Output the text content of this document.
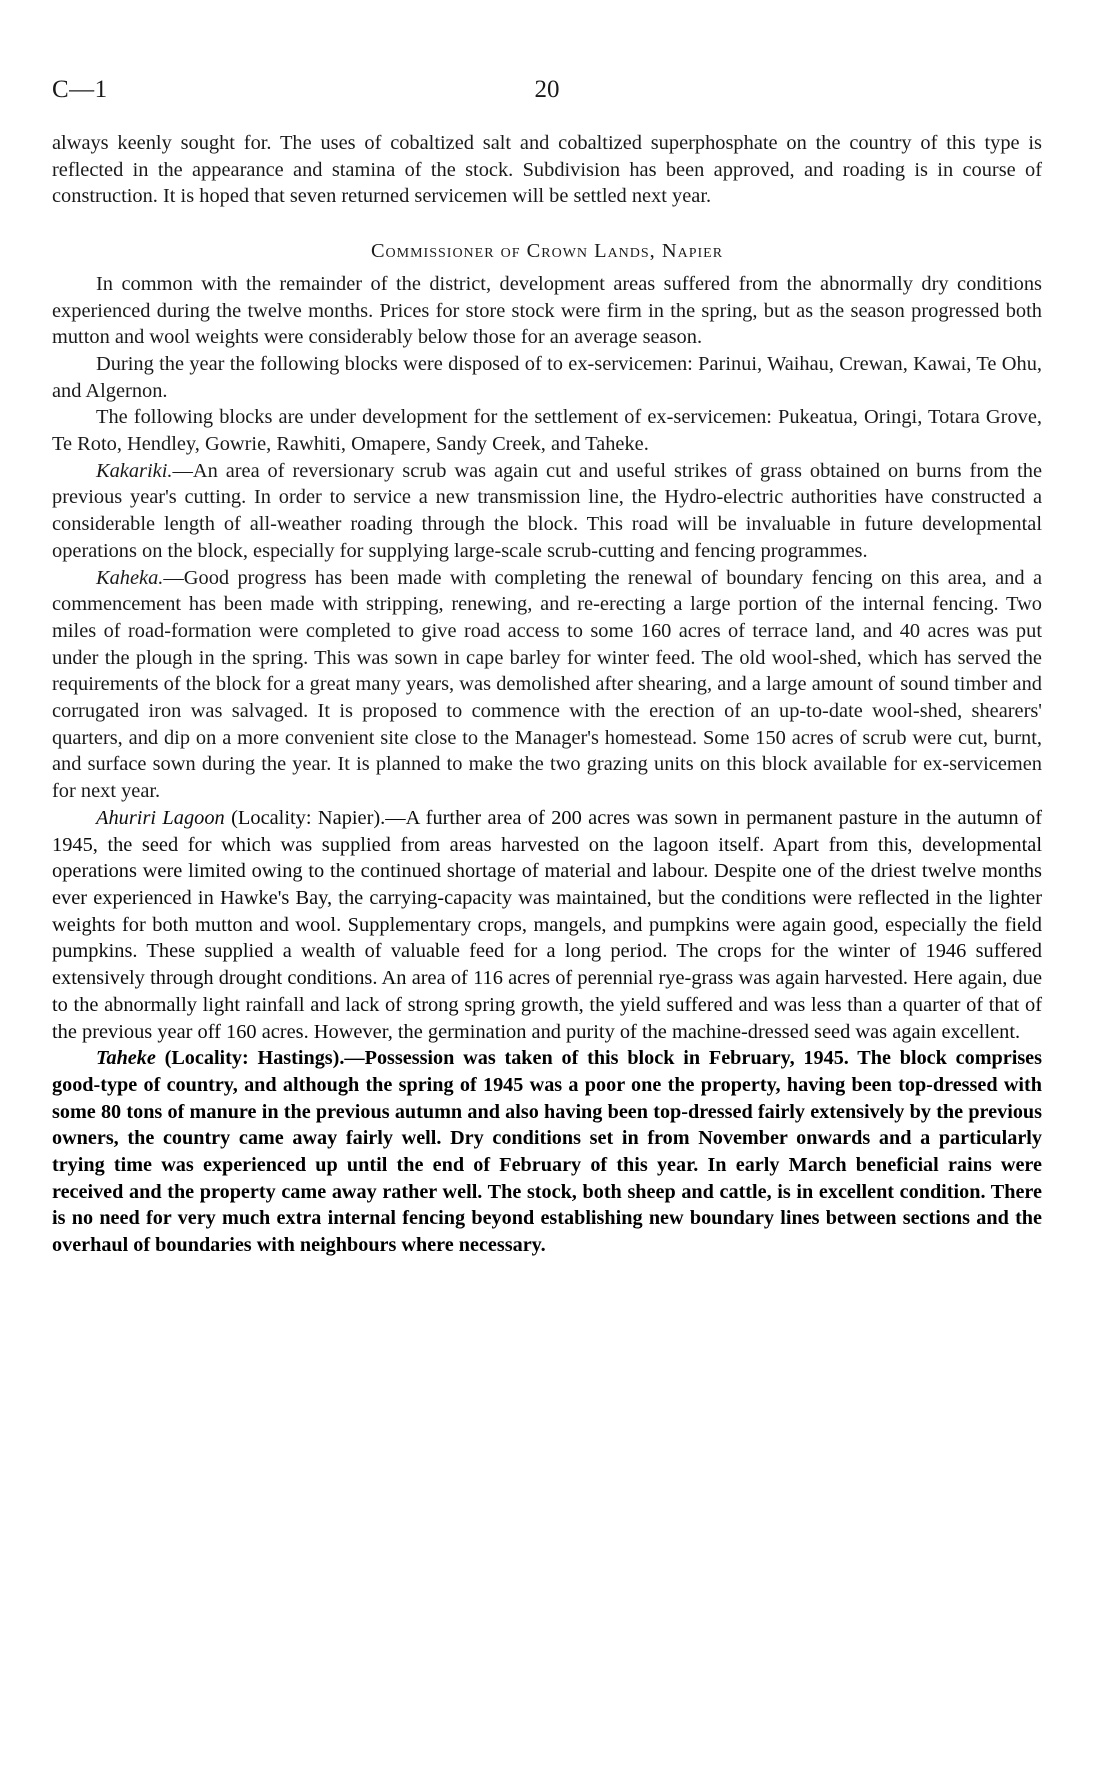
C—1	20

always keenly sought for. The uses of cobaltized salt and cobaltized superphosphate on the country of this type is reflected in the appearance and stamina of the stock. Subdivision has been approved, and roading is in course of construction. It is hoped that seven returned servicemen will be settled next year.

Commissioner of Crown Lands, Napier

In common with the remainder of the district, development areas suffered from the abnormally dry conditions experienced during the twelve months. Prices for store stock were firm in the spring, but as the season progressed both mutton and wool weights were considerably below those for an average season.

During the year the following blocks were disposed of to ex-servicemen: Parinui, Waihau, Crewan, Kawai, Te Ohu, and Algernon.

The following blocks are under development for the settlement of ex-servicemen: Pukeatua, Oringi, Totara Grove, Te Roto, Hendley, Gowrie, Rawhiti, Omapere, Sandy Creek, and Taheke.

Kakariki.—An area of reversionary scrub was again cut and useful strikes of grass obtained on burns from the previous year's cutting. In order to service a new transmission line, the Hydro-electric authorities have constructed a considerable length of all-weather roading through the block. This road will be invaluable in future developmental operations on the block, especially for supplying large-scale scrub-cutting and fencing programmes.

Kaheka.—Good progress has been made with completing the renewal of boundary fencing on this area, and a commencement has been made with stripping, renewing, and re-erecting a large portion of the internal fencing. Two miles of road-formation were completed to give road access to some 160 acres of terrace land, and 40 acres was put under the plough in the spring. This was sown in cape barley for winter feed. The old wool-shed, which has served the requirements of the block for a great many years, was demolished after shearing, and a large amount of sound timber and corrugated iron was salvaged. It is proposed to commence with the erection of an up-to-date wool-shed, shearers' quarters, and dip on a more convenient site close to the Manager's homestead. Some 150 acres of scrub were cut, burnt, and surface sown during the year. It is planned to make the two grazing units on this block available for ex-servicemen for next year.

Ahuriri Lagoon (Locality: Napier).—A further area of 200 acres was sown in permanent pasture in the autumn of 1945, the seed for which was supplied from areas harvested on the lagoon itself. Apart from this, developmental operations were limited owing to the continued shortage of material and labour. Despite one of the driest twelve months ever experienced in Hawke's Bay, the carrying-capacity was maintained, but the conditions were reflected in the lighter weights for both mutton and wool. Supplementary crops, mangels, and pumpkins were again good, especially the field pumpkins. These supplied a wealth of valuable feed for a long period. The crops for the winter of 1946 suffered extensively through drought conditions. An area of 116 acres of perennial rye-grass was again harvested. Here again, due to the abnormally light rainfall and lack of strong spring growth, the yield suffered and was less than a quarter of that of the previous year off 160 acres. However, the germination and purity of the machine-dressed seed was again excellent.

Taheke (Locality: Hastings).—Possession was taken of this block in February, 1945. The block comprises good-type of country, and although the spring of 1945 was a poor one the property, having been top-dressed with some 80 tons of manure in the previous autumn and also having been top-dressed fairly extensively by the previous owners, the country came away fairly well. Dry conditions set in from November onwards and a particularly trying time was experienced up until the end of February of this year. In early March beneficial rains were received and the property came away rather well. The stock, both sheep and cattle, is in excellent condition. There is no need for very much extra internal fencing beyond establishing new boundary lines between sections and the overhaul of boundaries with neighbours where necessary.
